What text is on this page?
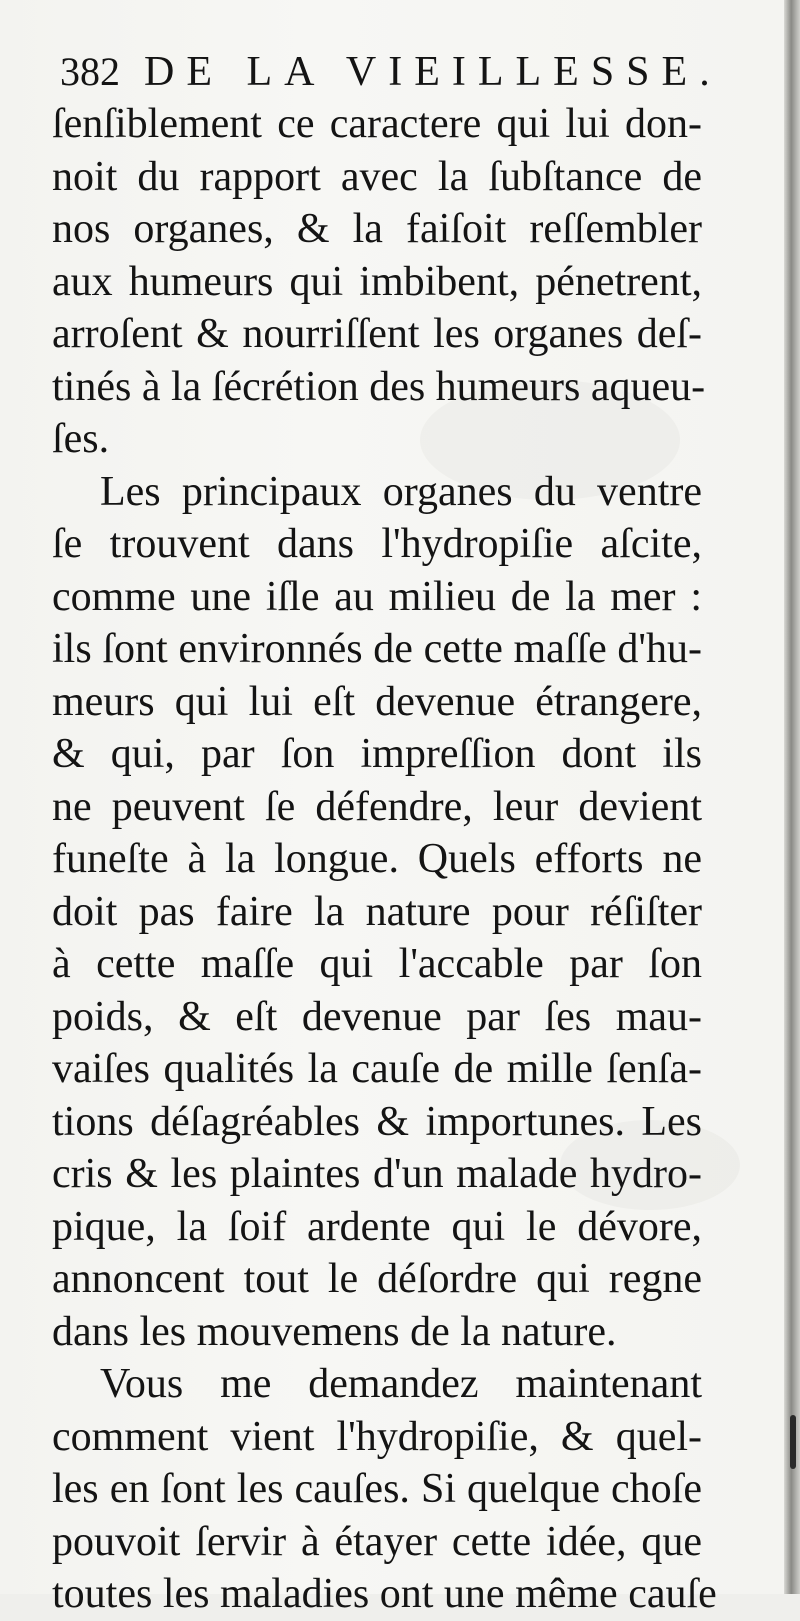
382 DE LA VIEILLESSE.
ſenſiblement ce caractere qui lui don-
noit du rapport avec la ſubſtance de
nos organes, & la faiſoit reſſembler
aux humeurs qui imbibent, pénetrent,
arroſent & nourriſſent les organes deſ-
tinés à la ſécrétion des humeurs aqueu-
ſes.
Les principaux organes du ventre
ſe trouvent dans l'hydropiſie aſcite,
comme une iſle au milieu de la mer :
ils ſont environnés de cette maſſe d'hu-
meurs qui lui eſt devenue étrangere,
& qui, par ſon impreſſion dont ils
ne peuvent ſe défendre, leur devient
funeſte à la longue. Quels efforts ne
doit pas faire la nature pour réſiſter
à cette maſſe qui l'accable par ſon
poids, & eſt devenue par ſes mau-
vaiſes qualités la cauſe de mille ſenſa-
tions déſagréables & importunes. Les
cris & les plaintes d'un malade hydro-
pique, la ſoif ardente qui le dévore,
annoncent tout le déſordre qui regne
dans les mouvemens de la nature.
Vous me demandez maintenant
comment vient l'hydropiſie, & quel-
les en ſont les cauſes. Si quelque choſe
pouvoit ſervir à étayer cette idée, que
toutes les maladies ont une même cauſe
